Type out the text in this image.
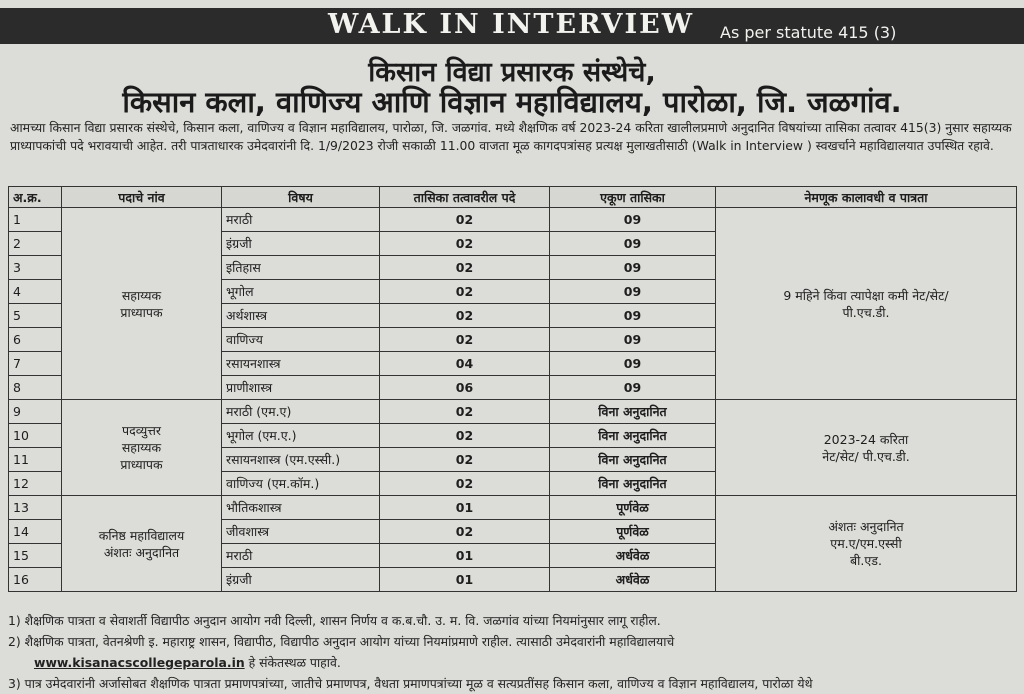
WALK IN INTERVIEW As per statute 415 (3)
किसान विद्या प्रसारक संस्थेचे,
किसान कला, वाणिज्य आणि विज्ञान महाविद्यालय, पारोळा, जि. जळगांव.
आमच्या किसान विद्या प्रसारक संस्थेचे, किसान कला, वाणिज्य व विज्ञान महाविद्यालय, पारोळा, जि. जळगांव. मध्ये शैक्षणिक वर्ष 2023-24 करिता खालीलप्रमाणे अनुदानित विषयांच्या तासिका तत्वावर 415(3) नुसार सहाय्यक प्राध्यापकांची पदे भरावयाची आहेत. तरी पात्रताधारक उमेदवारांनी दि. 1/9/2023 रोजी सकाळी 11.00 वाजता मूळ कागदपत्रांसह प्रत्यक्ष मुलाखतीसाठी (Walk in Interview ) स्वखर्चाने महाविद्यालयात उपस्थित रहावे.
अ.क्र.	पदाचे नांव	विषय	तासिका तत्वावरील पदे	एकूण तासिका	नेमणूक कालावधी व पात्रता
1	सहाय्यक प्राध्यापक	मराठी	02	09	9 महिने किंवा त्यापेक्षा कमी नेट/सेट/पी.एच.डी.
2		इंग्रजी	02	09	
3		इतिहास	02	09	
4		भूगोल	02	09	
5		अर्थशास्त्र	02	09	
6		वाणिज्य	02	09	
7		रसायनशास्त्र	04	09	
8		प्राणीशास्त्र	06	09	
9	पदव्युत्तर सहाय्यक प्राध्यापक	मराठी (एम.ए)	02	विना अनुदानित	2023-24 करिता नेट/सेट/ पी.एच.डी.
10		भूगोल (एम.ए.)	02	विना अनुदानित	
11		रसायनशास्त्र (एम.एस्सी.)	02	विना अनुदानित	
12		वाणिज्य (एम.कॉम.)	02	विना अनुदानित	
13	कनिष्ठ महाविद्यालय अंशतः अनुदानित	भौतिकशास्त्र	01	पूर्णवेळ	अंशतः अनुदानित एम.ए/एम.एस्सी बी.एड.
14		जीवशास्त्र	02	पूर्णवेळ	
15		मराठी	01	अर्धवेळ	
16		इंग्रजी	01	अर्धवेळ	
1) शैक्षणिक पात्रता व सेवाशर्ती विद्यापीठ अनुदान आयोग नवी दिल्ली, शासन निर्णय व क.ब.चौ. उ. म. वि. जळगांव यांच्या नियमांनुसार लागू राहील.
2) शैक्षणिक पात्रता, वेतनश्रेणी इ. महाराष्ट्र शासन, विद्यापीठ, विद्यापीठ अनुदान आयोग यांच्या नियमांप्रमाणे राहील. त्यासाठी उमेदवारांनी महाविद्यालयाचे
www.kisanacscollegeparola.in हे संकेतस्थळ पाहावे.
3) पात्र उमेदवारांनी अर्जासोबत शैक्षणिक पात्रता प्रमाणपत्रांच्या, जातीचे प्रमाणपत्र, वैधता प्रमाणपत्रांच्या मूळ व सत्यप्रतींसह किसान कला, वाणिज्य व विज्ञान महाविद्यालय, पारोळा येथे
